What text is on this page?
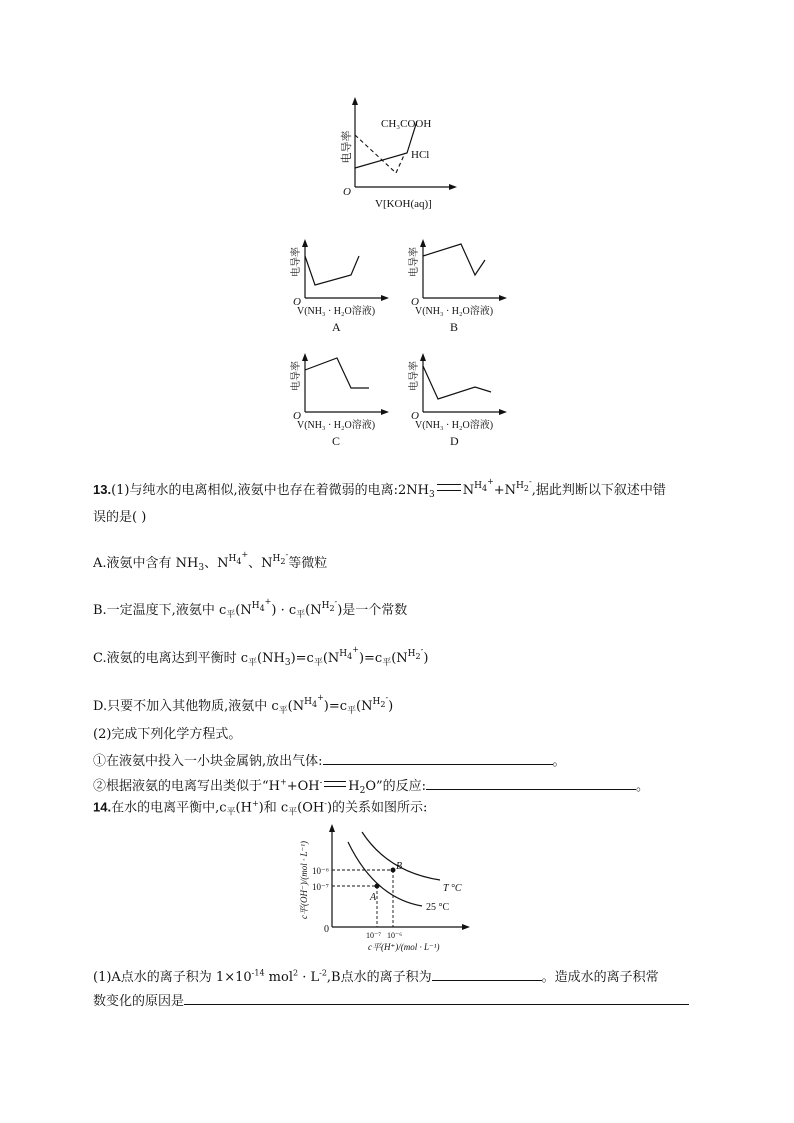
电导率
O
V[KOH(aq)]
CH₃COOH
HCl
电导率
O
V(NH₃ · H₂O溶液)
A
电导率
O
V(NH₃ · H₂O溶液)
B
电导率
O
V(NH₃ · H₂O溶液)
C
电导率
O
V(NH₃ · H₂O溶液)
D
13.(1)与纯水的电离相似,液氨中也存在着微弱的电离$:2NH_3$ $N^{H_4^+}+N^{H_2^-}$,据此判断以下叙述中错
误的是( )
A.液氨中含有 $NH_3$、$N^{H_4^+}$、$N^{H_2^-}$等微粒
B.一定温度下,液氨中 $c_平(N^{H_4^+}) \cdot c_平(N^{H_2^-})$是一个常数
C.液氨的电离达到平衡时 $c_平(NH_3)=c_平(N^{H_4^+})=c_平(N^{H_2^-})$
D.只要不加入其他物质,液氨中 $c_平(N^{H_4^+})=c_平(N^{H_2^-})$
(2)完成下列化学方程式。
①在液氨中投入一小块金属钠,放出气体:	。
②根据液氨的电离写出类似于“H++OH- $H_2O$”的反应:	。
14.在水的电离平衡中$,c_平(H^+)$和 $c_平(OH^-)$的关系如图所示:
c平(OH⁻)/(mol · L⁻¹)
c平(H⁺)/(mol · L⁻¹)
0
10⁻⁶
10⁻⁷
10⁻⁷ 10⁻⁶
A
B
T °C
25 °C
(1)A点水的离子积为 $1\times 10^{-14}$ $mol^2 \cdot L^{-2},B$点水的离子积为	。造成水的离子积常
数变化的原因是
